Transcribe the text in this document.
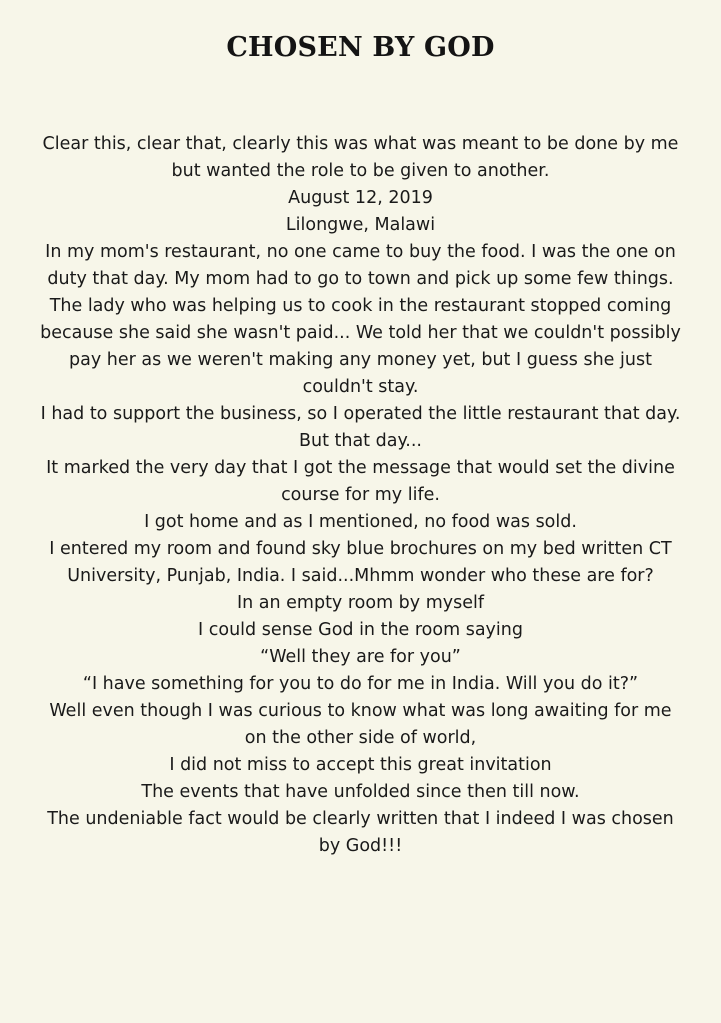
CHOSEN BY GOD

Clear this, clear that, clearly this was what was meant to be done by me but wanted the role to be given to another.

August 12, 2019

Lilongwe, Malawi

In my mom's restaurant, no one came to buy the food. I was the one on duty that day. My mom had to go to town and pick up some few things. The lady who was helping us to cook in the restaurant stopped coming because she said she wasn't paid... We told her that we couldn't possibly pay her as we weren't making any money yet, but I guess she just couldn't stay.

I had to support the business, so I operated the little restaurant that day.

But that day...

It marked the very day that I got the message that would set the divine course for my life.

I got home and as I mentioned, no food was sold.

I entered my room and found sky blue brochures on my bed written CT University, Punjab, India. I said...Mhmm wonder who these are for?

In an empty room by myself

I could sense God in the room saying

“Well they are for you”

“I have something for you to do for me in India. Will you do it?”

Well even though I was curious to know what was long awaiting for me on the other side of world,

I did not miss to accept this great invitation

The events that have unfolded since then till now.

The undeniable fact would be clearly written that I indeed I was chosen by God!!!
